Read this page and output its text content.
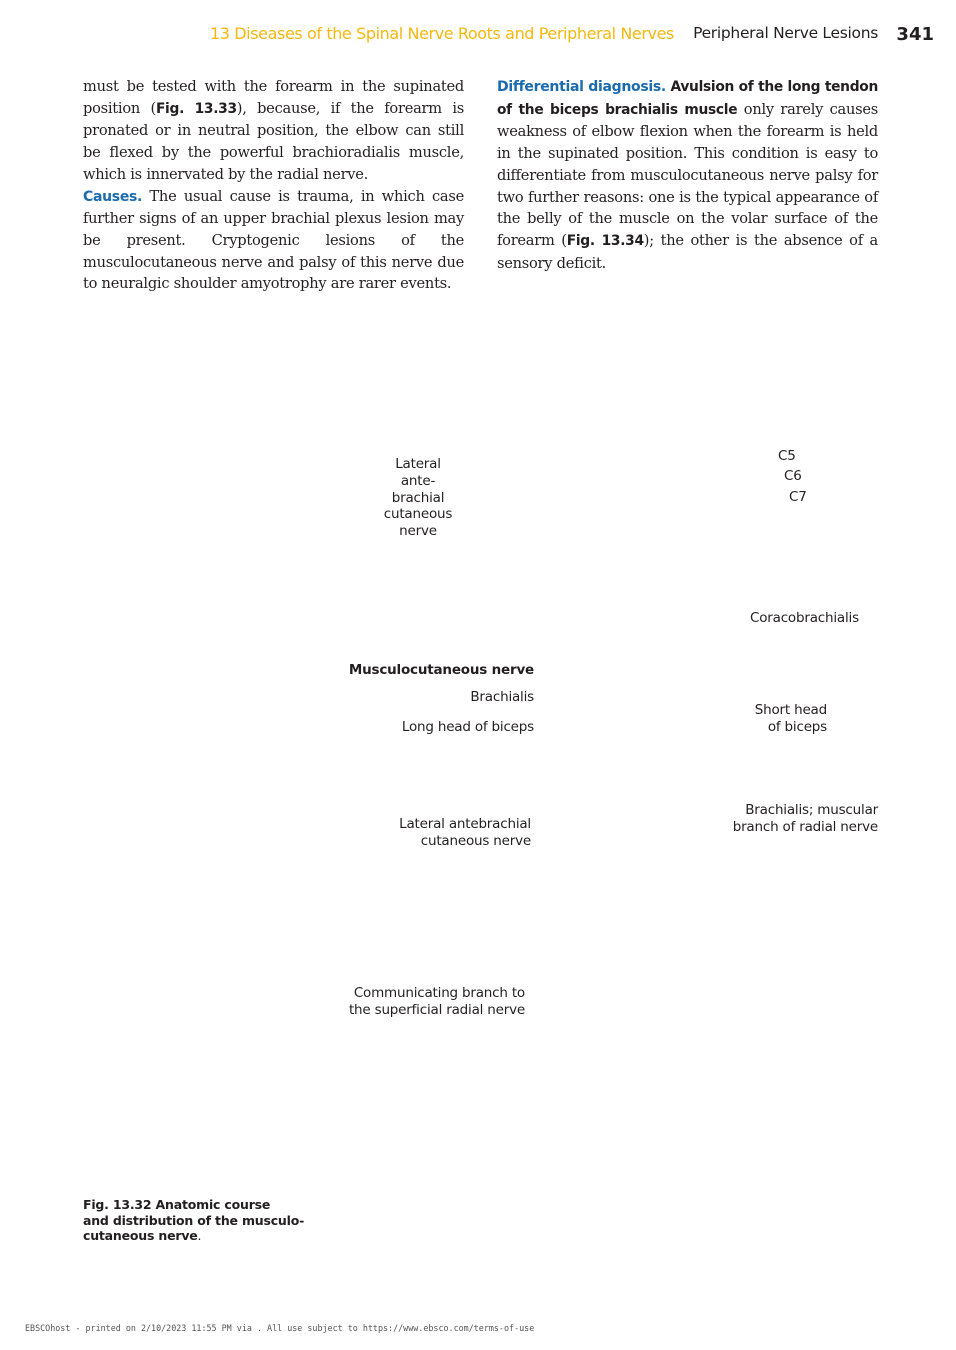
13 Diseases of the Spinal Nerve Roots and Peripheral Nerves Peripheral Nerve Lesions 341

must be tested with the forearm in the supinated position (Fig. 13.33), because, if the forearm is pronated or in neutral position, the elbow can still be flexed by the powerful brachioradialis muscle, which is innervated by the radial nerve.

Causes. The usual cause is trauma, in which case further signs of an upper brachial plexus lesion may be present. Cryptogenic lesions of the musculocutaneous nerve and palsy of this nerve due to neuralgic shoulder amyotrophy are rarer events.

Differential diagnosis. Avulsion of the long tendon of the biceps brachialis muscle only rarely causes weakness of elbow flexion when the forearm is held in the supinated position. This condition is easy to differentiate from musculocutaneous nerve palsy for two further reasons: one is the typical appearance of the belly of the muscle on the volar surface of the forearm (Fig. 13.34); the other is the absence of a sensory deficit.

Lateral
ante-
brachial
cutaneous
nerve
C5
C6
C7
Coracobrachialis
Musculocutaneous nerve
Brachialis
Long head of biceps
Short head
of biceps
Brachialis; muscular
branch of radial nerve
Lateral antebrachial
cutaneous nerve
Communicating branch to
the superficial radial nerve
Fig. 13.32 Anatomic course
and distribution of the musculo-
cutaneous nerve.
EBSCOhost - printed on 2/10/2023 11:55 PM via . All use subject to https://www.ebsco.com/terms-of-use
